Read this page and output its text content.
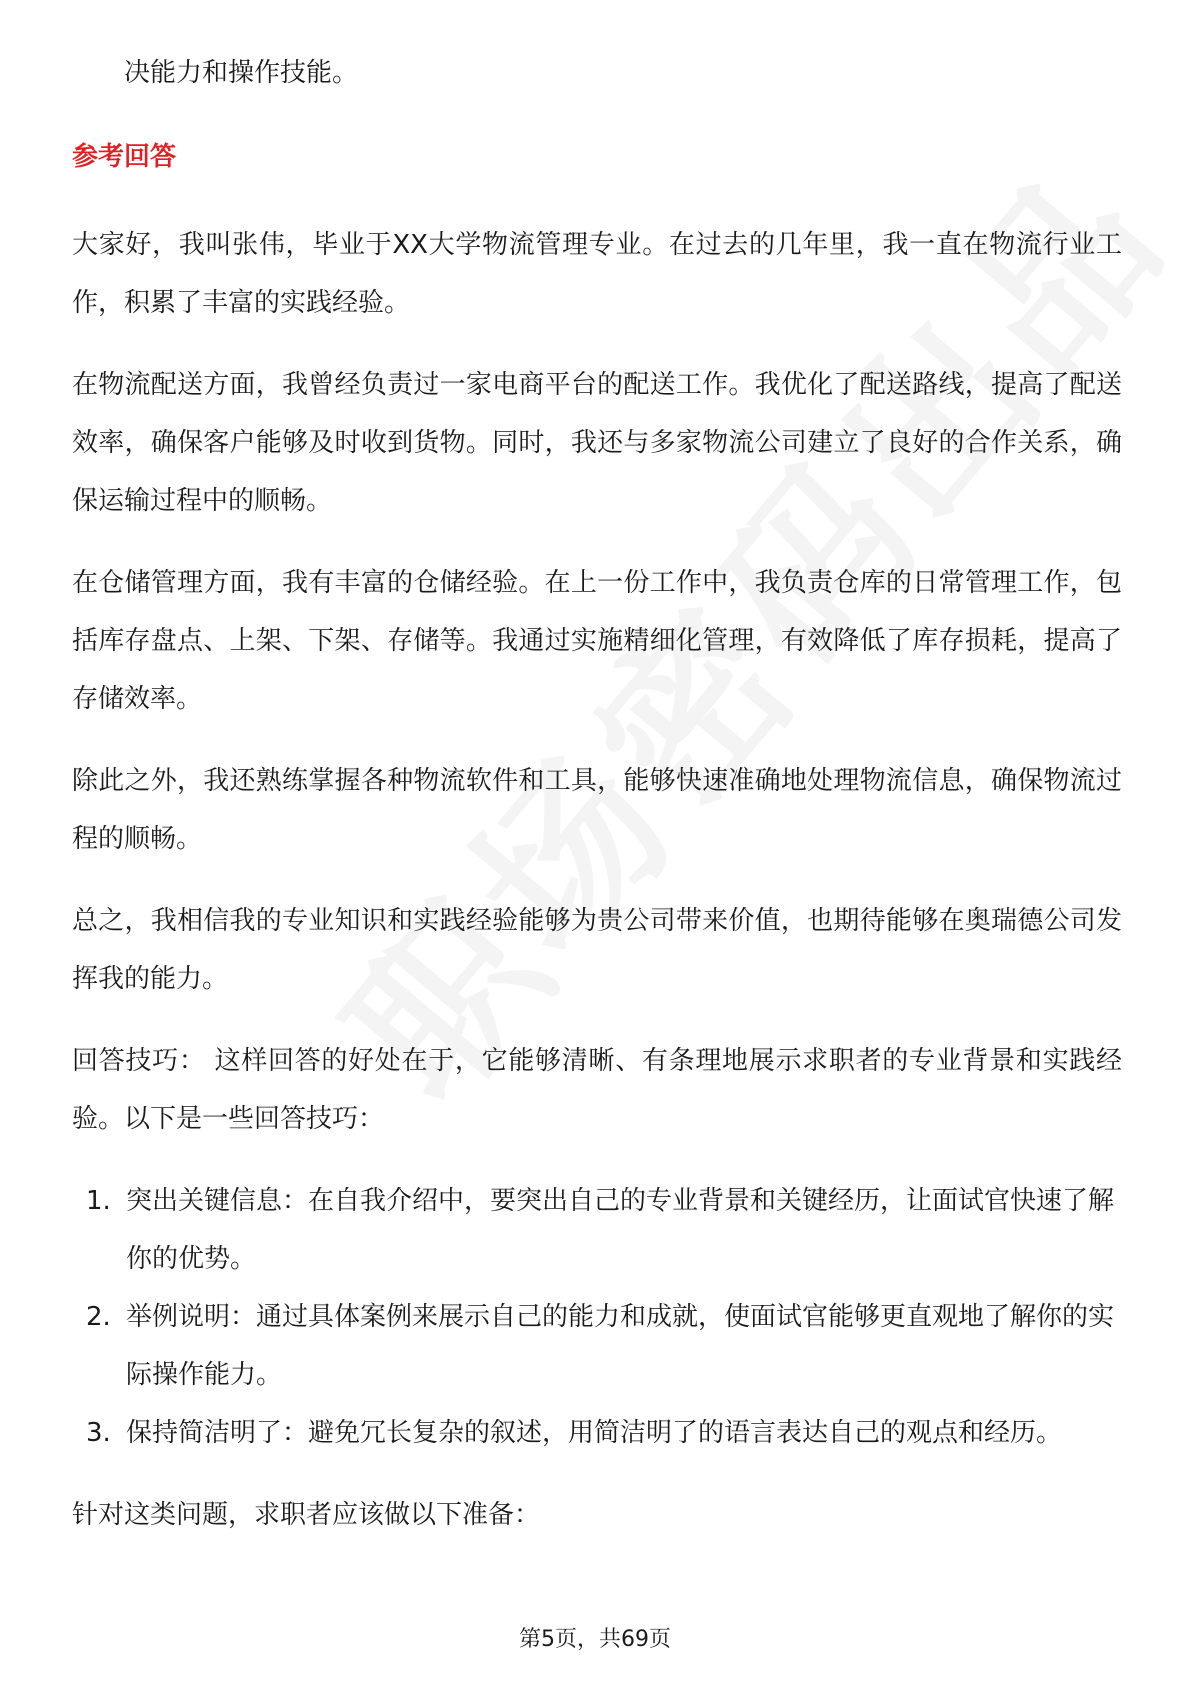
决能力和操作技能。

参考回答

大家好，我叫张伟，毕业于XX大学物流管理专业。在过去的几年里，我一直在物流行业工作，积累了丰富的实践经验。

在物流配送方面，我曾经负责过一家电商平台的配送工作。我优化了配送路线，提高了配送效率，确保客户能够及时收到货物。同时，我还与多家物流公司建立了良好的合作关系，确保运输过程中的顺畅。

在仓储管理方面，我有丰富的仓储经验。在上一份工作中，我负责仓库的日常管理工作，包括库存盘点、上架、下架、存储等。我通过实施精细化管理，有效降低了库存损耗，提高了存储效率。

除此之外，我还熟练掌握各种物流软件和工具，能够快速准确地处理物流信息，确保物流过程的顺畅。

总之，我相信我的专业知识和实践经验能够为贵公司带来价值，也期待能够在奥瑞德公司发挥我的能力。

回答技巧： 这样回答的好处在于，它能够清晰、有条理地展示求职者的专业背景和实践经验。以下是一些回答技巧：

1. 突出关键信息：在自我介绍中，要突出自己的专业背景和关键经历，让面试官快速了解你的优势。
2. 举例说明：通过具体案例来展示自己的能力和成就，使面试官能够更直观地了解你的实际操作能力。
3. 保持简洁明了：避免冗长复杂的叙述，用简洁明了的语言表达自己的观点和经历。

针对这类问题，求职者应该做以下准备：

第5页，共69页
